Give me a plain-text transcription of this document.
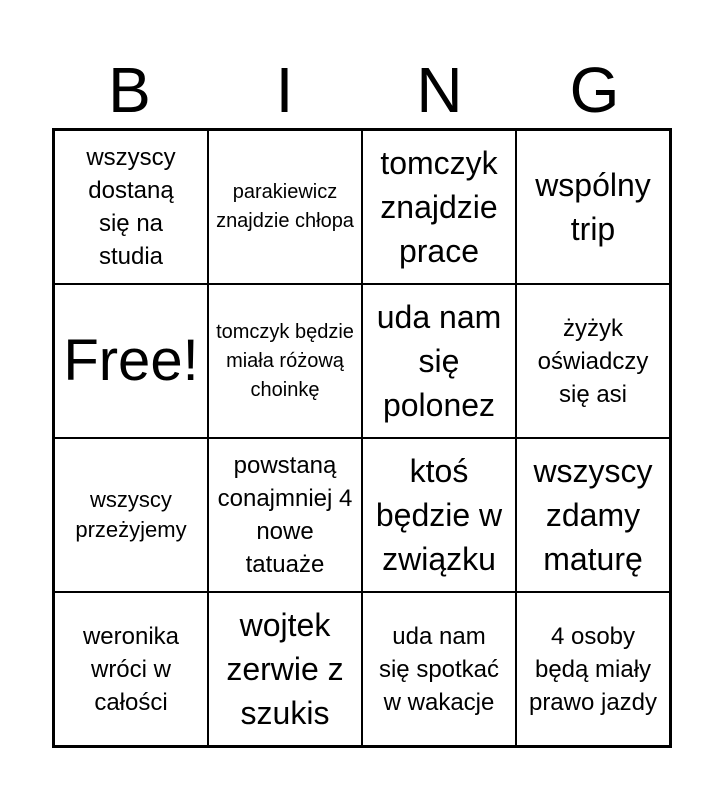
B	I	N	G
wszyscy dostaną się na studia
parakiewicz znajdzie chłopa
tomczyk znajdzie prace
wspólny trip
Free! tomczyk będzie miała różową choinkę
uda nam się polonez
żyżyk oświadczy się asi
wszyscy przeżyjemy
powstaną conajmniej 4 nowe tatuaże
ktoś będzie w związku
wszyscy zdamy maturę
weronika wróci w całości
wojtek zerwie z szukis
uda nam się spotkać w wakacje
4 osoby będą miały prawo jazdy
